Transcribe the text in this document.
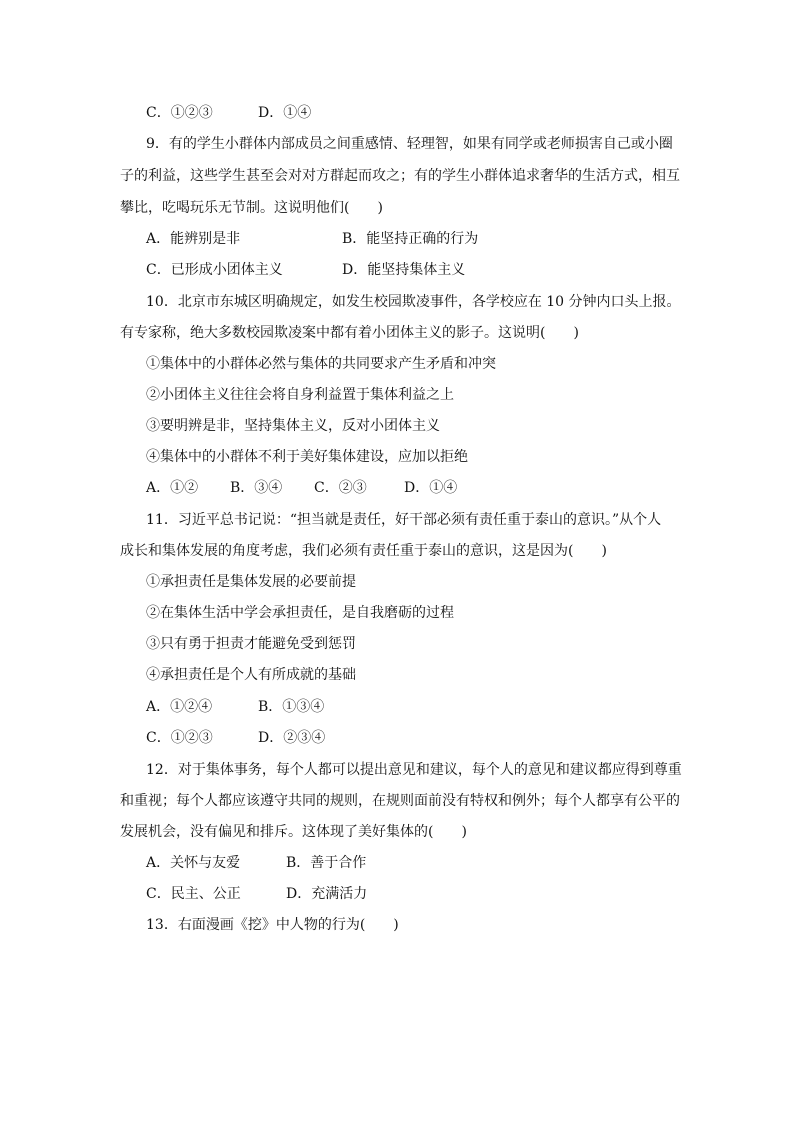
C．①②③	D．①④
9．有的学生小群体内部成员之间重感情、轻理智，如果有同学或老师损害自己或小圈
子的利益，这些学生甚至会对对方群起而攻之；有的学生小群体追求奢华的生活方式，相互
攀比，吃喝玩乐无节制。这说明他们(　　)
A．能辨别是非	B．能坚持正确的行为
C．已形成小团体主义	D．能坚持集体主义
10．北京市东城区明确规定，如发生校园欺凌事件，各学校应在 10 分钟内口头上报。
有专家称，绝大多数校园欺凌案中都有着小团体主义的影子。这说明(　　)
①集体中的小群体必然与集体的共同要求产生矛盾和冲突
②小团体主义往往会将自身利益置于集体利益之上
③要明辨是非，坚持集体主义，反对小团体主义
④集体中的小群体不利于美好集体建设，应加以拒绝
A．①② B．③④ C．②③	D．①④
11．习近平总书记说：“担当就是责任，好干部必须有责任重于泰山的意识。”从个人
成长和集体发展的角度考虑，我们必须有责任重于泰山的意识，这是因为(　　)
①承担责任是集体发展的必要前提
②在集体生活中学会承担责任，是自我磨砺的过程
③只有勇于担责才能避免受到惩罚
④承担责任是个人有所成就的基础
A．①②④	B．①③④
C．①②③	D．②③④
12．对于集体事务，每个人都可以提出意见和建议，每个人的意见和建议都应得到尊重
和重视；每个人都应该遵守共同的规则，在规则面前没有特权和例外；每个人都享有公平的
发展机会，没有偏见和排斥。这体现了美好集体的(　　)
A．关怀与友爱	B．善于合作
C．民主、公正	D．充满活力
13．右面漫画《挖》中人物的行为(　　)
